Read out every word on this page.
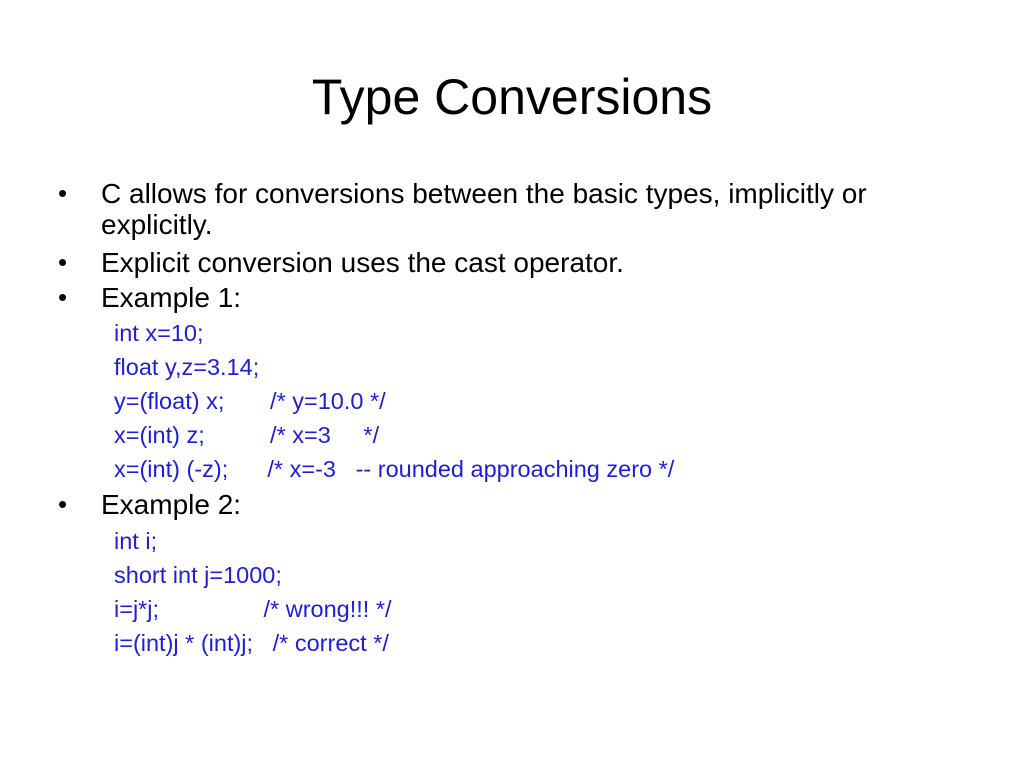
Type Conversions

• C allows for conversions between the basic types, implicitly or explicitly.

• Explicit conversion uses the cast operator.

• Example 1:

int x=10;

float y,z=3.14;

y=(float) x;       /* y=10.0 */

x=(int) z;          /* x=3     */

x=(int) (-z);      /* x=-3   -- rounded approaching zero */

• Example 2:

int i;

short int j=1000;

i=j*j;                /* wrong!!! */

i=(int)j * (int)j;   /* correct */
